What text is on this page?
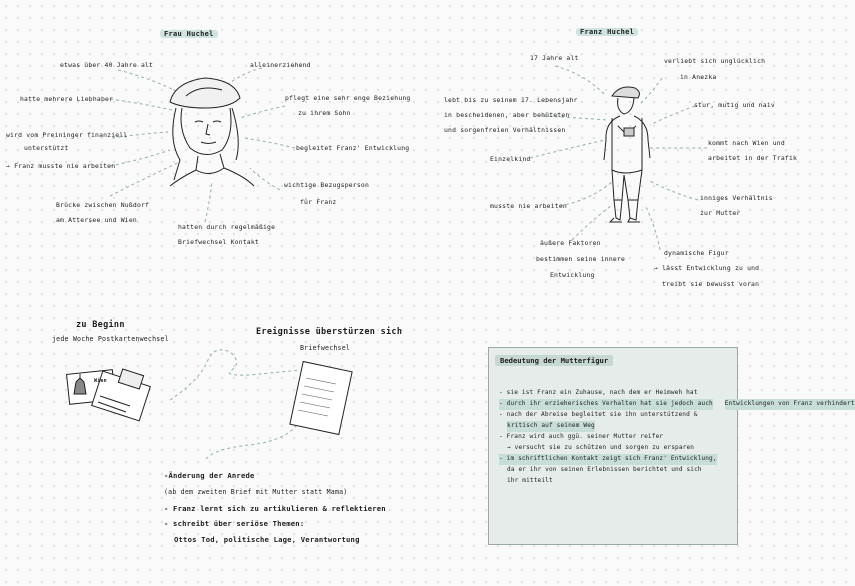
Frau Huchel
etwas über 40 Jahre alt
hatte mehrere Liebhaber
wird vom Preininger finanziell
unterstützt
→ Franz musste nie arbeiten
Brücke zwischen Nußdorf
am Attersee und Wien
hatten durch regelmäßige
Briefwechsel Kontakt
alleinerziehend
pflegt eine sehr enge Beziehung
zu ihrem Sohn
begleitet Franz' Entwicklung
wichtige Bezugsperson
für Franz
Franz Huchel
17 Jahre alt
lebt bis zu seinem 17. Lebensjahr
in bescheidenen, aber behüteten
und sorgenfreien Verhältnissen
Einzelkind
musste nie arbeiten
äußere Faktoren
bestimmen seine innere
Entwicklung
verliebt sich unglücklich
in Anezka
stur, mutig und naiv
kommt nach Wien und
arbeitet in der Trafik
inniges Verhältnis
zur Mutter
dynamische Figur
→ lässt Entwicklung zu und
treibt sie bewusst voran
zu Beginn
jede Woche Postkartenwechsel
Ereignisse überstürzen sich
Briefwechsel
Wien
-Änderung der Anrede
(ab dem zweiten Brief mit Mutter statt Mama)
- Franz lernt sich zu artikulieren & reflektieren
- schreibt über seriöse Themen:
Ottos Tod, politische Lage, Verantwortung
Bedeutung der Mutterfigur
- sie ist Franz ein Zuhause, nach dem er Heimweh hat
- durch ihr erzieherisches Verhalten hat sie jedoch auch Entwicklungen von Franz verhindert
- nach der Abreise begleitet sie ihn unterstützend &
kritisch auf seinem Weg
- Franz wird auch ggü. seiner Mutter reifer
→ versucht sie zu schützen und sorgen zu ersparen
- im schriftlichen Kontakt zeigt sich Franz' Entwicklung,
da er ihr von seinen Erlebnissen berichtet und sich
ihr mitteilt
